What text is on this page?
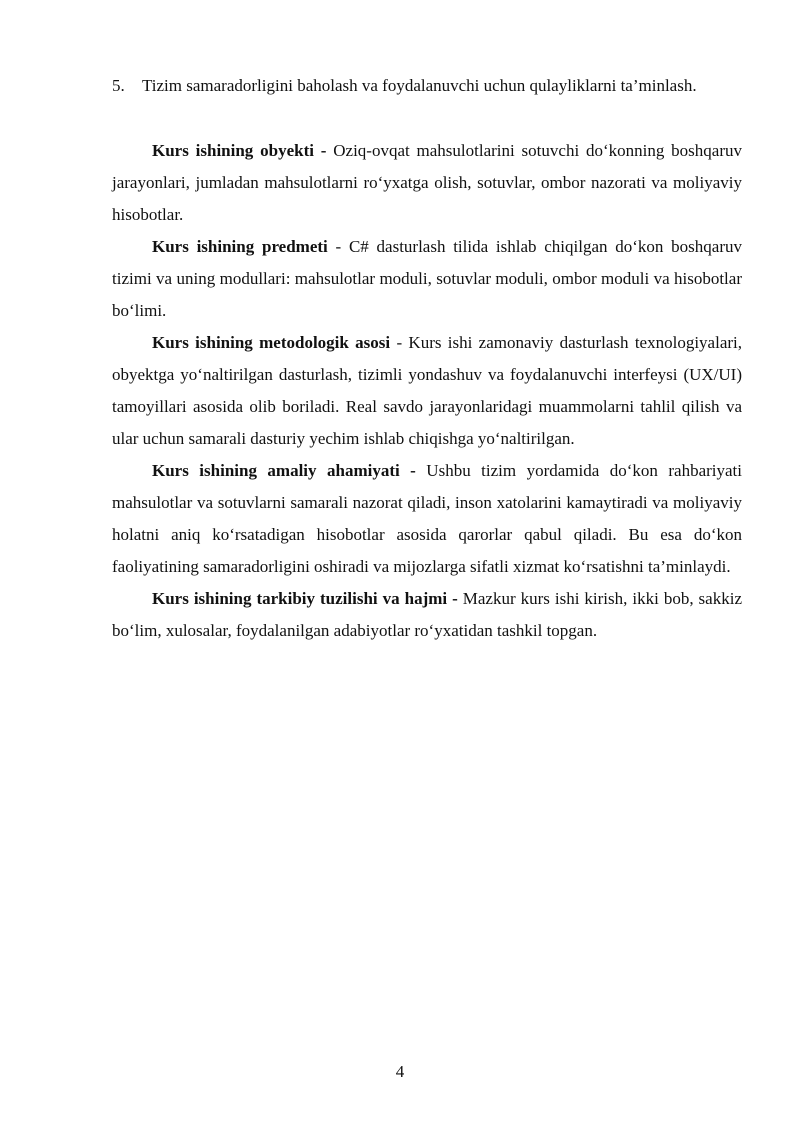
5.	Tizim samaradorligini baholash va foydalanuvchi uchun qulayliklarni ta’minlash.

Kurs ishining obyekti - Oziq-ovqat mahsulotlarini sotuvchi do‘konning boshqaruv jarayonlari, jumladan mahsulotlarni ro‘yxatga olish, sotuvlar, ombor nazorati va moliyaviy hisobotlar.

Kurs ishining predmeti - C# dasturlash tilida ishlab chiqilgan do‘kon boshqaruv tizimi va uning modullari: mahsulotlar moduli, sotuvlar moduli, ombor moduli va hisobotlar bo‘limi.

Kurs ishining metodologik asosi - Kurs ishi zamonaviy dasturlash texnologiyalari, obyektga yo‘naltirilgan dasturlash, tizimli yondashuv va foydalanuvchi interfeysi (UX/UI) tamoyillari asosida olib boriladi. Real savdo jarayonlaridagi muammolarni tahlil qilish va ular uchun samarali dasturiy yechim ishlab chiqishga yo‘naltirilgan.

Kurs ishining amaliy ahamiyati - Ushbu tizim yordamida do‘kon rahbariyati mahsulotlar va sotuvlarni samarali nazorat qiladi, inson xatolarini kamaytiradi va moliyaviy holatni aniq ko‘rsatadigan hisobotlar asosida qarorlar qabul qiladi. Bu esa do‘kon faoliyatining samaradorligini oshiradi va mijozlarga sifatli xizmat ko‘rsatishni ta’minlaydi.

Kurs ishining tarkibiy tuzilishi va hajmi - Mazkur kurs ishi kirish, ikki bob, sakkiz bo‘lim, xulosalar, foydalanilgan adabiyotlar ro‘yxatidan tashkil topgan.

4
